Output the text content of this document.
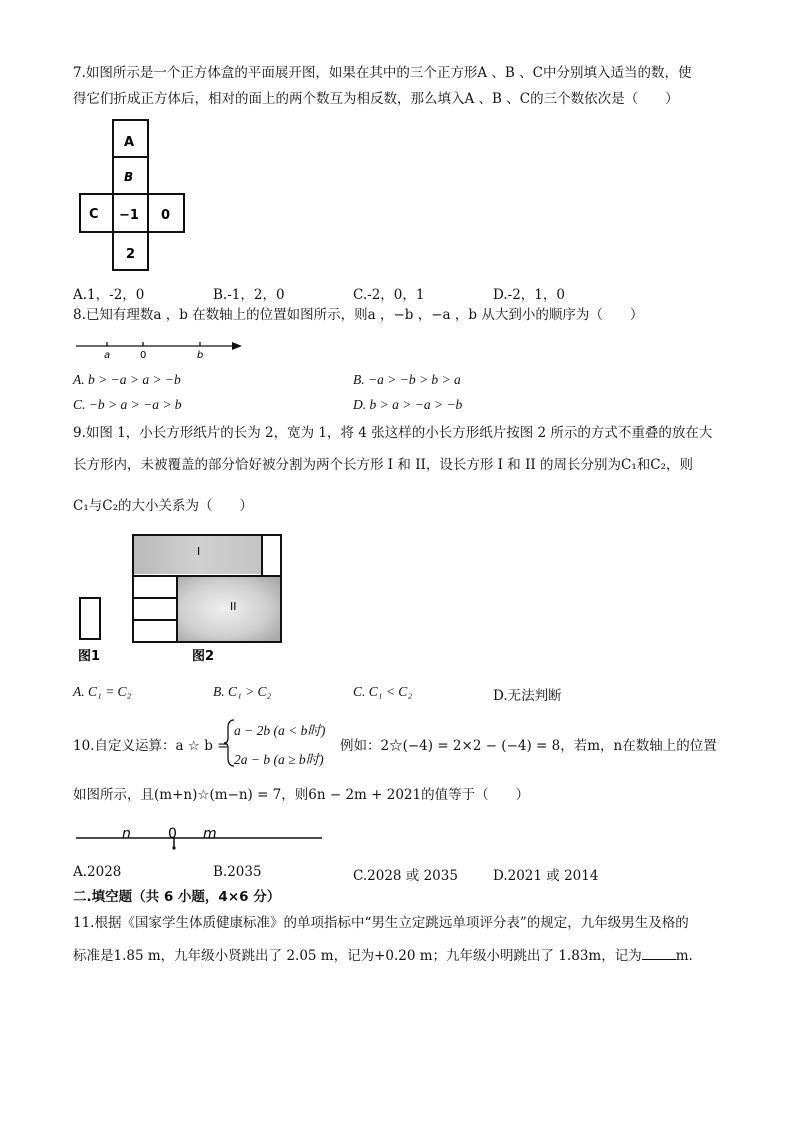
7.如图所示是一个正方体盒的平面展开图，如果在其中的三个正方形A 、B 、C中分别填入适当的数，使
得它们折成正方体后，相对的面上的两个数互为相反数，那么填入A 、B 、C的三个数依次是（　　）
A
B
C −1 0
2
A.1，-2，0	B.-1，2，0	C.-2，0，1	D.-2，1，0
8.已知有理数a ，b 在数轴上的位置如图所示，则a ，−b ，−a ，b 从大到小的顺序为（　　）
a	0	b
A. b > −a > a > −b	B. −a > −b > b > a
C. −b > a > −a > b	D. b > a > −a > −b
9.如图 1，小长方形纸片的长为 2，宽为 1，将 4 张这样的小长方形纸片按图 2 所示的方式不重叠的放在大
长方形内，未被覆盖的部分恰好被分割为两个长方形 I 和 II，设长方形 I 和 II 的周长分别为C₁和C₂，则
C₁与C₂的大小关系为（　　）
I
II
图1	图2
A. C₁ = C₂	B. C₁ > C₂	C. C₁ < C₂	D.无法判断
10.自定义运算：a ☆ b =
a − 2b (a < b时)
2a − b (a ≥ b时)
例如：2☆(−4) = 2×2 − (−4) = 8，若m，n在数轴上的位置
如图所示，且(m+n)☆(m−n) = 7，则6n − 2m + 2021的值等于（　　）
n	0 m
A.2028	B.2035	C.2028 或 2035	D.2021 或 2014
二.填空题（共 6 小题，4×6 分）
11.根据《国家学生体质健康标准》的单项指标中“男生立定跳远单项评分表”的规定，九年级男生及格的
标准是1.85 m，九年级小贤跳出了 2.05 m，记为+0.20 m；九年级小明跳出了 1.83m，记为	m.
